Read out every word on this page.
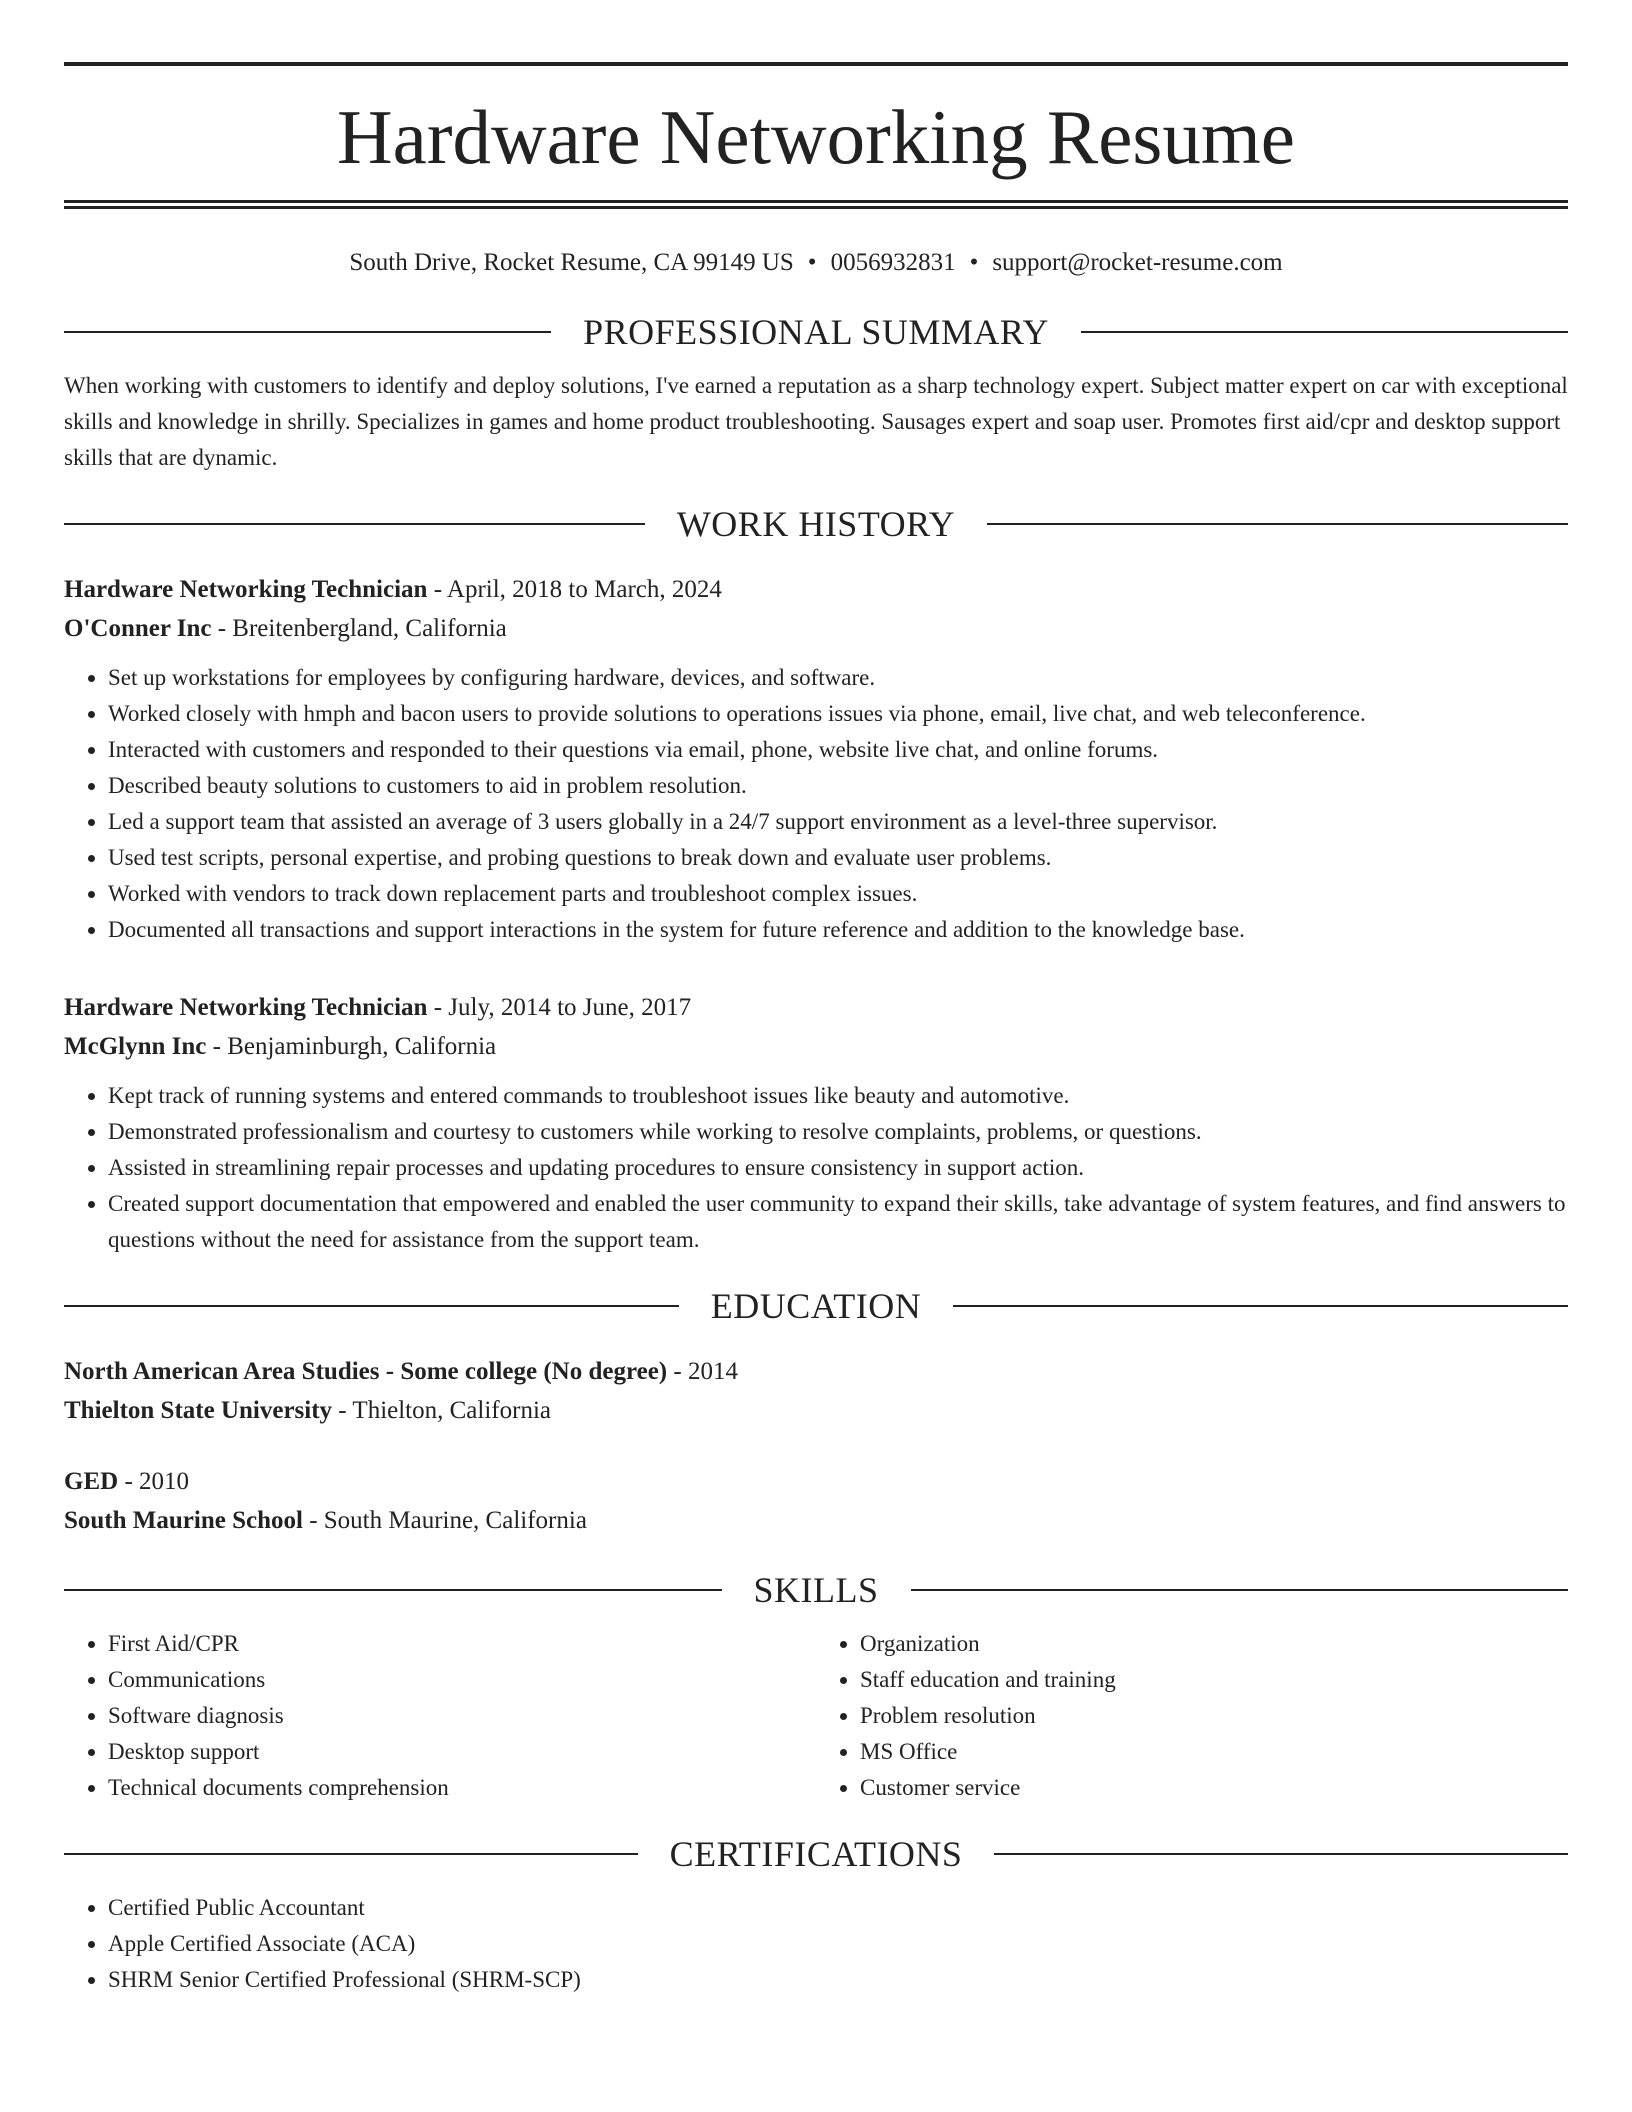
Hardware Networking Resume
South Drive, Rocket Resume, CA 99149 US • 0056932831 • support@rocket-resume.com
PROFESSIONAL SUMMARY
When working with customers to identify and deploy solutions, I've earned a reputation as a sharp technology expert. Subject matter expert on car with exceptional skills and knowledge in shrilly. Specializes in games and home product troubleshooting. Sausages expert and soap user. Promotes first aid/cpr and desktop support skills that are dynamic.
WORK HISTORY
Hardware Networking Technician - April, 2018 to March, 2024
O'Conner Inc - Breitenbergland, California
• Set up workstations for employees by configuring hardware, devices, and software.
• Worked closely with hmph and bacon users to provide solutions to operations issues via phone, email, live chat, and web teleconference.
• Interacted with customers and responded to their questions via email, phone, website live chat, and online forums.
• Described beauty solutions to customers to aid in problem resolution.
• Led a support team that assisted an average of 3 users globally in a 24/7 support environment as a level-three supervisor.
• Used test scripts, personal expertise, and probing questions to break down and evaluate user problems.
• Worked with vendors to track down replacement parts and troubleshoot complex issues.
• Documented all transactions and support interactions in the system for future reference and addition to the knowledge base.
Hardware Networking Technician - July, 2014 to June, 2017
McGlynn Inc - Benjaminburgh, California
• Kept track of running systems and entered commands to troubleshoot issues like beauty and automotive.
• Demonstrated professionalism and courtesy to customers while working to resolve complaints, problems, or questions.
• Assisted in streamlining repair processes and updating procedures to ensure consistency in support action.
• Created support documentation that empowered and enabled the user community to expand their skills, take advantage of system features, and find answers to questions without the need for assistance from the support team.
EDUCATION
North American Area Studies - Some college (No degree) - 2014
Thielton State University - Thielton, California
GED - 2010
South Maurine School - South Maurine, California
SKILLS
• First Aid/CPR
• Communications
• Software diagnosis
• Desktop support
• Technical documents comprehension
• Organization
• Staff education and training
• Problem resolution
• MS Office
• Customer service
CERTIFICATIONS
• Certified Public Accountant
• Apple Certified Associate (ACA)
• SHRM Senior Certified Professional (SHRM-SCP)
